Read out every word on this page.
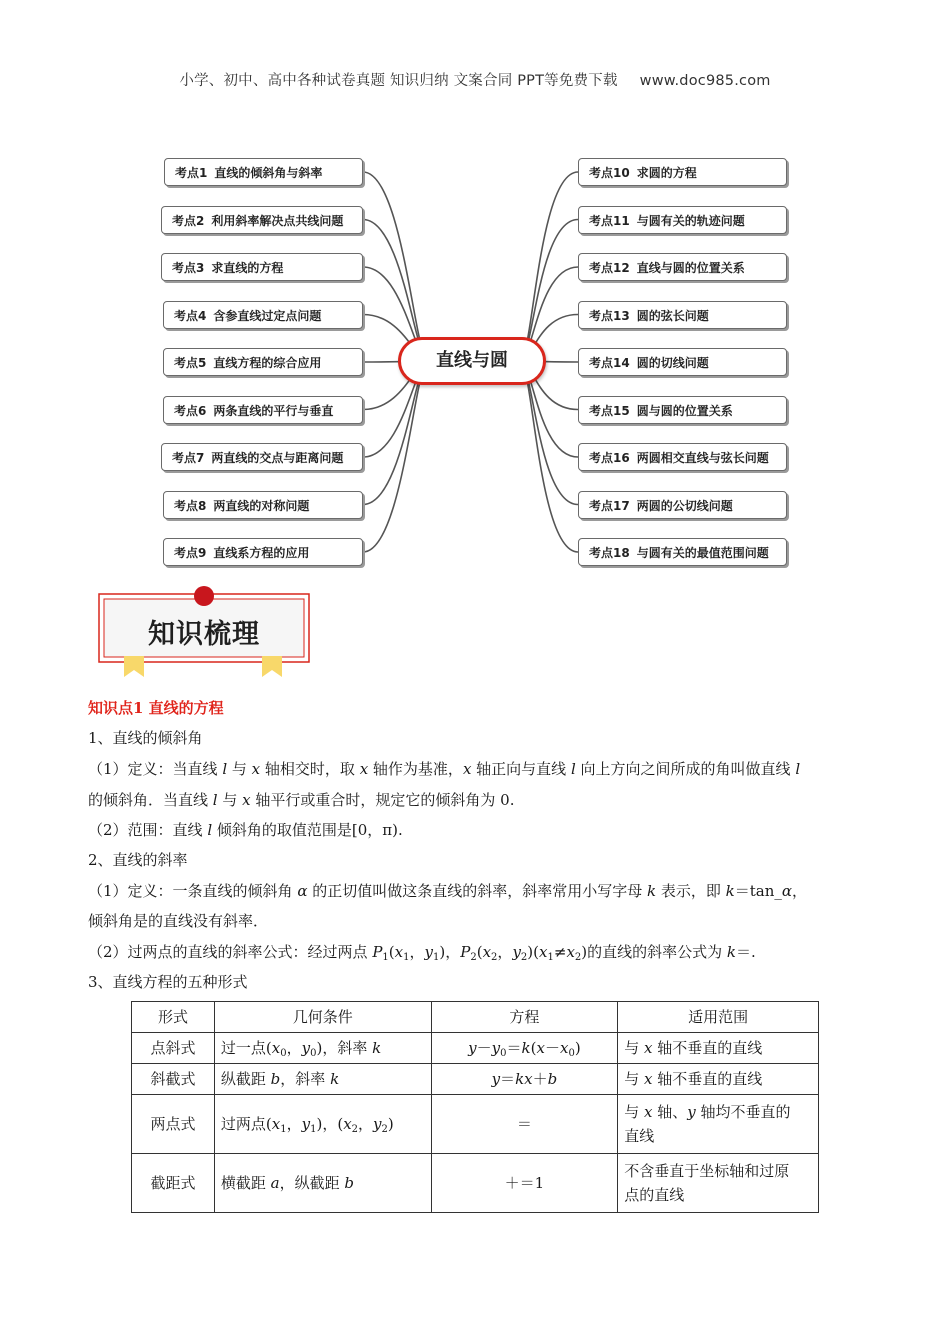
小学、初中、高中各种试卷真题 知识归纳 文案合同 PPT等免费下载 www.doc985.com
直线与圆
考点1 直线的倾斜角与斜率
考点2 利用斜率解决点共线问题
考点3 求直线的方程
考点4 含参直线过定点问题
考点5 直线方程的综合应用
考点6 两条直线的平行与垂直
考点7 两直线的交点与距离问题
考点8 两直线的对称问题
考点9 直线系方程的应用
考点10 求圆的方程
考点11 与圆有关的轨迹问题
考点12 直线与圆的位置关系
考点13 圆的弦长问题
考点14 圆的切线问题
考点15 圆与圆的位置关系
考点16 两圆相交直线与弦长问题
考点17 两圆的公切线问题
考点18 与圆有关的最值范围问题
知识梳理
知识点1 直线的方程
1、直线的倾斜角
（1）定义：当直线 l 与 x 轴相交时，取 x 轴作为基准，x 轴正向与直线 l 向上方向之间所成的角叫做直线 l
的倾斜角．当直线 l 与 x 轴平行或重合时，规定它的倾斜角为 0.
（2）范围：直线 l 倾斜角的取值范围是[0，π).
2、直线的斜率
（1）定义：一条直线的倾斜角 α 的正切值叫做这条直线的斜率，斜率常用小写字母 k 表示，即 k＝tan_α，
倾斜角是的直线没有斜率．
（2）过两点的直线的斜率公式：经过两点 $P_1(x_1$，$y_1$)，$P_2(x_2$，$y_2)(x_1\ne x_2)$的直线的斜率公式为 k＝.
3、直线方程的五种形式
形式	几何条件	方程	适用范围
点斜式	过一点($x_0$，$y_0$)，斜率 k	$y-y_0=k(x-x_0)$	与 x 轴不垂直的直线
斜截式	纵截距 b，斜率 k	y＝kx＋b	与 x 轴不垂直的直线
两点式	过两点($x_1$，$y_1$)，($x_2$，$y_2$)	＝	与 x 轴、y 轴均不垂直的
直线
截距式	横截距 a，纵截距 b	＋＝1	不含垂直于坐标轴和过原
点的直线
